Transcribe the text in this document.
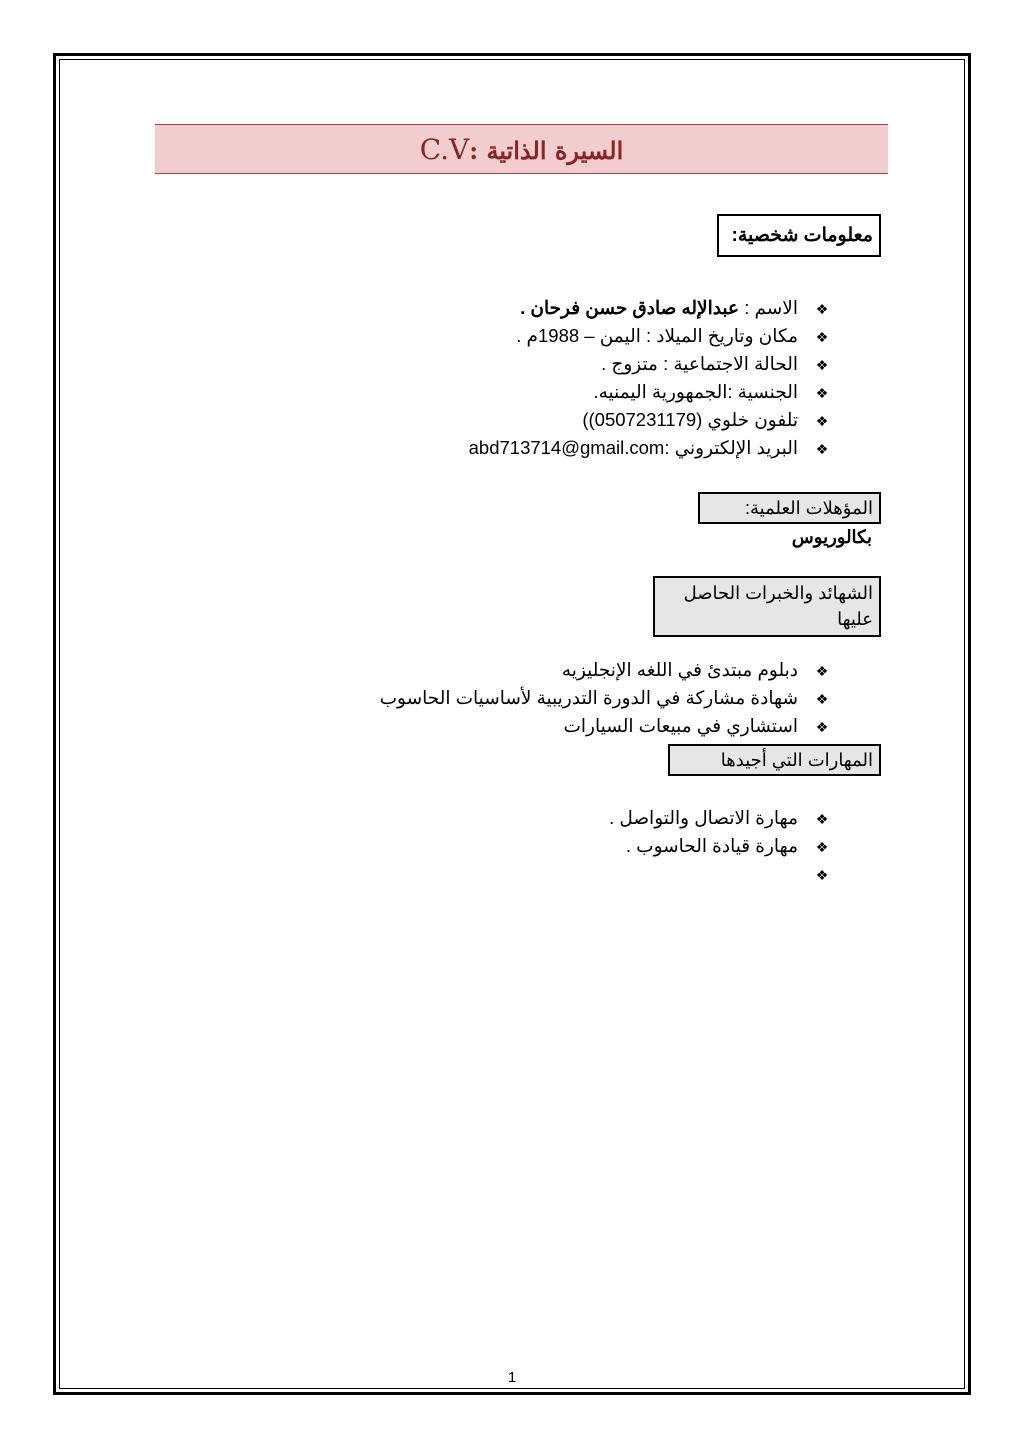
السيرة الذاتية :C.V
معلومات شخصية:
❖الاسم : عبدالإله صادق حسن فرحان .
❖مكان وتاريخ الميلاد : اليمن – 1988م .
❖الحالة الاجتماعية : متزوج .
❖الجنسية :الجمهورية اليمنيه.
❖تلفون خلوي (0507231179))
❖البريد الإلكتروني :abd713714@gmail.com
المؤهلات العلمية:
بكالوريوس
الشهائد والخبرات الحاصل عليها
❖دبلوم مبتدئ في اللغه الإنجليزيه
❖شهادة مشاركة في الدورة التدريبية لأساسيات الحاسوب
❖استشاري في مبيعات السيارات
المهارات التي أجيدها
❖مهارة الاتصال والتواصل .
❖مهارة قيادة الحاسوب .
❖
1
